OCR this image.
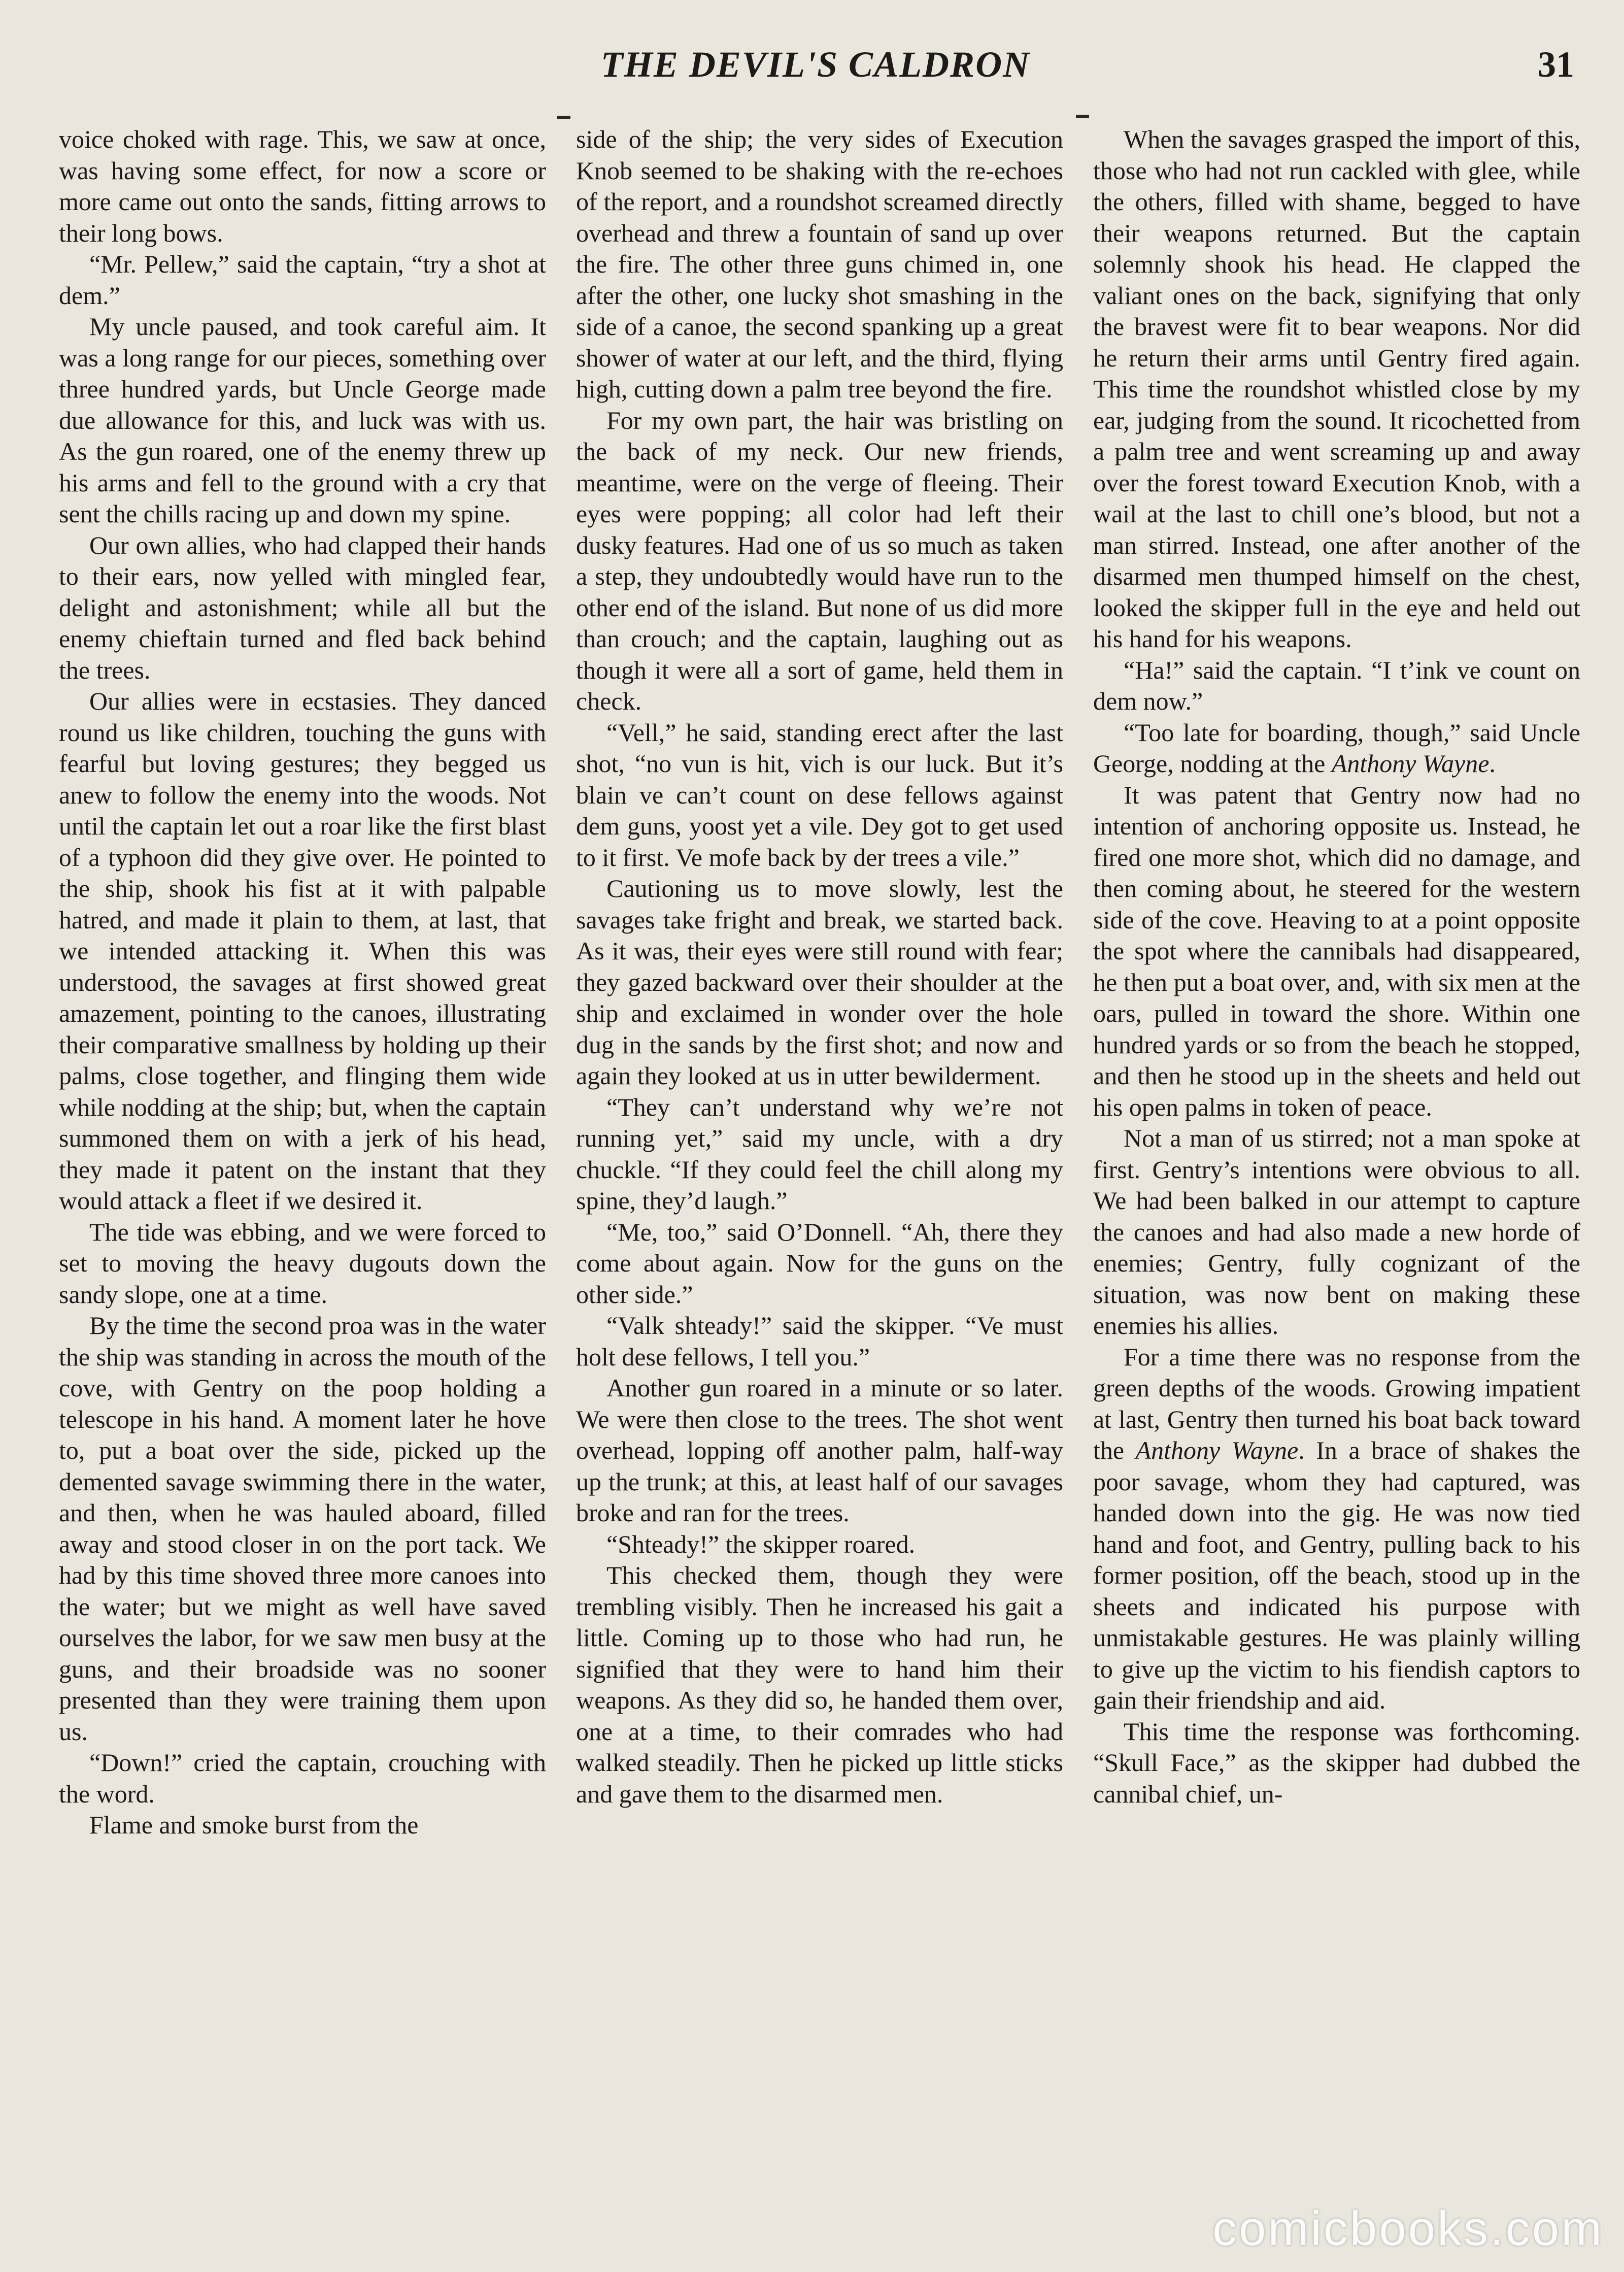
THE DEVIL'S CALDRON	31

voice choked with rage. This, we saw at once, was having some effect, for now a score or more came out onto the sands, fitting arrows to their long bows.

“Mr. Pellew,” said the captain, “try a shot at dem.”

My uncle paused, and took careful aim. It was a long range for our pieces, something over three hundred yards, but Uncle George made due allowance for this, and luck was with us. As the gun roared, one of the enemy threw up his arms and fell to the ground with a cry that sent the chills racing up and down my spine.

Our own allies, who had clapped their hands to their ears, now yelled with mingled fear, delight and astonishment; while all but the enemy chieftain turned and fled back behind the trees.

Our allies were in ecstasies. They danced round us like children, touching the guns with fearful but loving gestures; they begged us anew to follow the enemy into the woods. Not until the captain let out a roar like the first blast of a typhoon did they give over. He pointed to the ship, shook his fist at it with palpable hatred, and made it plain to them, at last, that we intended attacking it. When this was understood, the savages at first showed great amazement, pointing to the canoes, illustrating their comparative smallness by holding up their palms, close together, and flinging them wide while nodding at the ship; but, when the captain summoned them on with a jerk of his head, they made it patent on the instant that they would attack a fleet if we desired it.

The tide was ebbing, and we were forced to set to moving the heavy dugouts down the sandy slope, one at a time.

By the time the second proa was in the water the ship was standing in across the mouth of the cove, with Gentry on the poop holding a telescope in his hand. A moment later he hove to, put a boat over the side, picked up the demented savage swimming there in the water, and then, when he was hauled aboard, filled away and stood closer in on the port tack. We had by this time shoved three more canoes into the water; but we might as well have saved ourselves the labor, for we saw men busy at the guns, and their broadside was no sooner presented than they were training them upon us.

“Down!” cried the captain, crouching with the word.

Flame and smoke burst from the

side of the ship; the very sides of Execution Knob seemed to be shaking with the re-echoes of the report, and a roundshot screamed directly overhead and threw a fountain of sand up over the fire. The other three guns chimed in, one after the other, one lucky shot smashing in the side of a canoe, the second spanking up a great shower of water at our left, and the third, flying high, cutting down a palm tree beyond the fire.

For my own part, the hair was bristling on the back of my neck. Our new friends, meantime, were on the verge of fleeing. Their eyes were popping; all color had left their dusky features. Had one of us so much as taken a step, they undoubtedly would have run to the other end of the island. But none of us did more than crouch; and the captain, laughing out as though it were all a sort of game, held them in check.

“Vell,” he said, standing erect after the last shot, “no vun is hit, vich is our luck. But it’s blain ve can’t count on dese fellows against dem guns, yoost yet a vile. Dey got to get used to it first. Ve mofe back by der trees a vile.”

Cautioning us to move slowly, lest the savages take fright and break, we started back. As it was, their eyes were still round with fear; they gazed backward over their shoulder at the ship and exclaimed in wonder over the hole dug in the sands by the first shot; and now and again they looked at us in utter bewilderment.

“They can’t understand why we’re not running yet,” said my uncle, with a dry chuckle. “If they could feel the chill along my spine, they’d laugh.”

“Me, too,” said O’Donnell. “Ah, there they come about again. Now for the guns on the other side.”

“Valk shteady!” said the skipper. “Ve must holt dese fellows, I tell you.”

Another gun roared in a minute or so later. We were then close to the trees. The shot went overhead, lopping off another palm, half-way up the trunk; at this, at least half of our savages broke and ran for the trees.

“Shteady!” the skipper roared.

This checked them, though they were trembling visibly. Then he increased his gait a little. Coming up to those who had run, he signified that they were to hand him their weapons. As they did so, he handed them over, one at a time, to their comrades who had walked steadily. Then he picked up little sticks and gave them to the disarmed men.

When the savages grasped the import of this, those who had not run cackled with glee, while the others, filled with shame, begged to have their weapons returned. But the captain solemnly shook his head. He clapped the valiant ones on the back, signifying that only the bravest were fit to bear weapons. Nor did he return their arms until Gentry fired again. This time the roundshot whistled close by my ear, judging from the sound. It ricochetted from a palm tree and went screaming up and away over the forest toward Execution Knob, with a wail at the last to chill one’s blood, but not a man stirred. Instead, one after another of the disarmed men thumped himself on the chest, looked the skipper full in the eye and held out his hand for his weapons.

“Ha!” said the captain. “I t’ink ve count on dem now.”

“Too late for boarding, though,” said Uncle George, nodding at the Anthony Wayne.

It was patent that Gentry now had no intention of anchoring opposite us. Instead, he fired one more shot, which did no damage, and then coming about, he steered for the western side of the cove. Heaving to at a point opposite the spot where the cannibals had disappeared, he then put a boat over, and, with six men at the oars, pulled in toward the shore. Within one hundred yards or so from the beach he stopped, and then he stood up in the sheets and held out his open palms in token of peace.

Not a man of us stirred; not a man spoke at first. Gentry’s intentions were obvious to all. We had been balked in our attempt to capture the canoes and had also made a new horde of enemies; Gentry, fully cognizant of the situation, was now bent on making these enemies his allies.

For a time there was no response from the green depths of the woods. Growing impatient at last, Gentry then turned his boat back toward the Anthony Wayne. In a brace of shakes the poor savage, whom they had captured, was handed down into the gig. He was now tied hand and foot, and Gentry, pulling back to his former position, off the beach, stood up in the sheets and indicated his purpose with unmistakable gestures. He was plainly willing to give up the victim to his fiendish captors to gain their friendship and aid.

This time the response was forthcoming. “Skull Face,” as the skipper had dubbed the cannibal chief, un-

comicbooks.com
